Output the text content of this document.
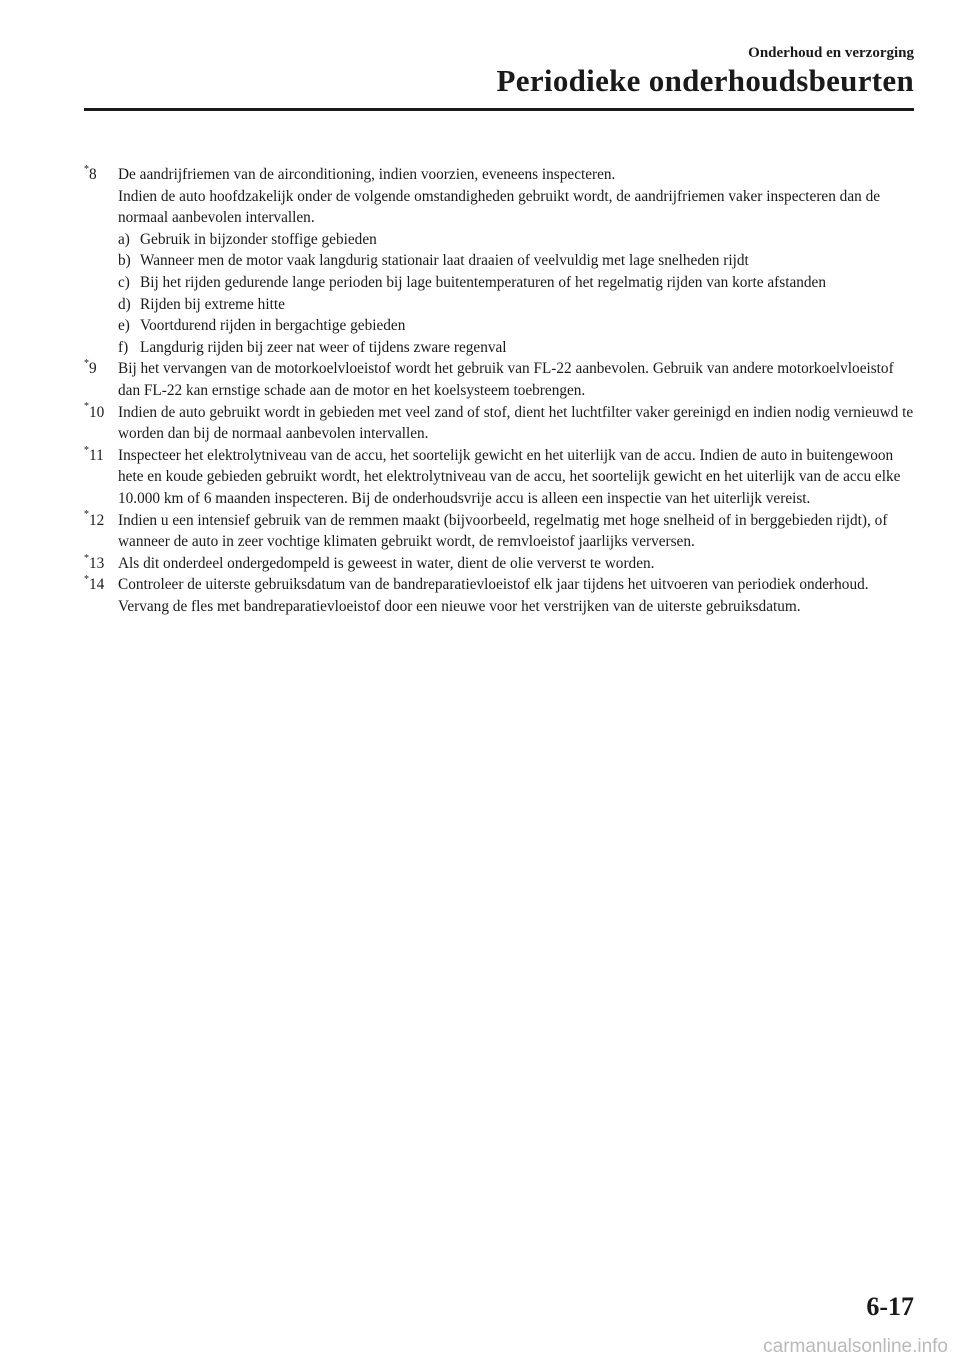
Onderhoud en verzorging
Periodieke onderhoudsbeurten
*8	De aandrijfriemen van de airconditioning, indien voorzien, eveneens inspecteren.

Indien de auto hoofdzakelijk onder de volgende omstandigheden gebruikt wordt, de aandrijfriemen vaker inspecteren dan de normaal aanbevolen intervallen.

a) Gebruik in bijzonder stoffige gebieden
b) Wanneer men de motor vaak langdurig stationair laat draaien of veelvuldig met lage snelheden rijdt
c) Bij het rijden gedurende lange perioden bij lage buitentemperaturen of het regelmatig rijden van korte afstanden
d) Rijden bij extreme hitte
e) Voortdurend rijden in bergachtige gebieden
f) Langdurig rijden bij zeer nat weer of tijdens zware regenval
*9	Bij het vervangen van de motorkoelvloeistof wordt het gebruik van FL-22 aanbevolen. Gebruik van andere motorkoelvloeistof dan FL-22 kan ernstige schade aan de motor en het koelsysteem toebrengen.

*10 Indien de auto gebruikt wordt in gebieden met veel zand of stof, dient het luchtfilter vaker gereinigd en indien nodig vernieuwd te worden dan bij de normaal aanbevolen intervallen.

*11 Inspecteer het elektrolytniveau van de accu, het soortelijk gewicht en het uiterlijk van de accu. Indien de auto in buitengewoon hete en koude gebieden gebruikt wordt, het elektrolytniveau van de accu, het soortelijk gewicht en het uiterlijk van de accu elke 10.000 km of 6 maanden inspecteren. Bij de onderhoudsvrije accu is alleen een inspectie van het uiterlijk vereist.

*12 Indien u een intensief gebruik van de remmen maakt (bijvoorbeeld, regelmatig met hoge snelheid of in berggebieden rijdt), of wanneer de auto in zeer vochtige klimaten gebruikt wordt, de remvloeistof jaarlijks verversen.

*13 Als dit onderdeel ondergedompeld is geweest in water, dient de olie ververst te worden.

*14 Controleer de uiterste gebruiksdatum van de bandreparatievloeistof elk jaar tijdens het uitvoeren van periodiek onderhoud. Vervang de fles met bandreparatievloeistof door een nieuwe voor het verstrijken van de uiterste gebruiksdatum.

6-17
carmanualsonline.info
